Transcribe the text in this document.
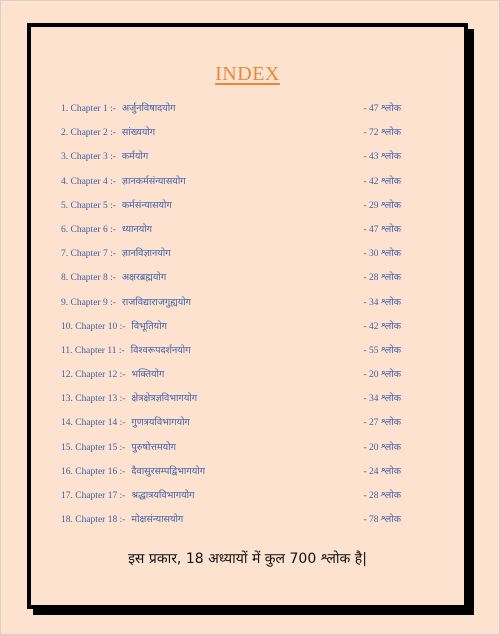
INDEX
1. Chapter 1 :- अर्जुनविषादयोग	- 47 श्लोक
2. Chapter 2 :- सांख्ययोग	- 72 श्लोक
3. Chapter 3 :- कर्मयोग	- 43 श्लोक
4. Chapter 4 :- ज्ञानकर्मसंन्यासयोग	- 42 श्लोक
5. Chapter 5 :- कर्मसंन्यासयोग	- 29 श्लोक
6. Chapter 6 :- ध्यानयोग	- 47 श्लोक
7. Chapter 7 :- ज्ञानविज्ञानयोग	- 30 श्लोक
8. Chapter 8 :- अक्षरब्रह्मयोग	- 28 श्लोक
9. Chapter 9 :- राजविद्याराजगुह्ययोग	- 34 श्लोक
10. Chapter 10 :- विभूतियोग	- 42 श्लोक
11. Chapter 11 :- विश्वरूपदर्शनयोग	- 55 श्लोक
12. Chapter 12 :- भक्तियोग	- 20 श्लोक
13. Chapter 13 :- क्षेत्रक्षेत्रज्ञविभागयोग	- 34 श्लोक
14. Chapter 14 :- गुणत्रयविभागयोग	- 27 श्लोक
15. Chapter 15 :- पुरुषोत्तमयोग	- 20 श्लोक
16. Chapter 16 :- दैवासुरसम्पद्विभागयोग	- 24 श्लोक
17. Chapter 17 :- श्रद्धात्रयविभागयोग	- 28 श्लोक
18. Chapter 18 :- मोक्षसंन्यासयोग	- 78 श्लोक
इस प्रकार, 18 अध्यायों में कुल 700 श्लोक है|
